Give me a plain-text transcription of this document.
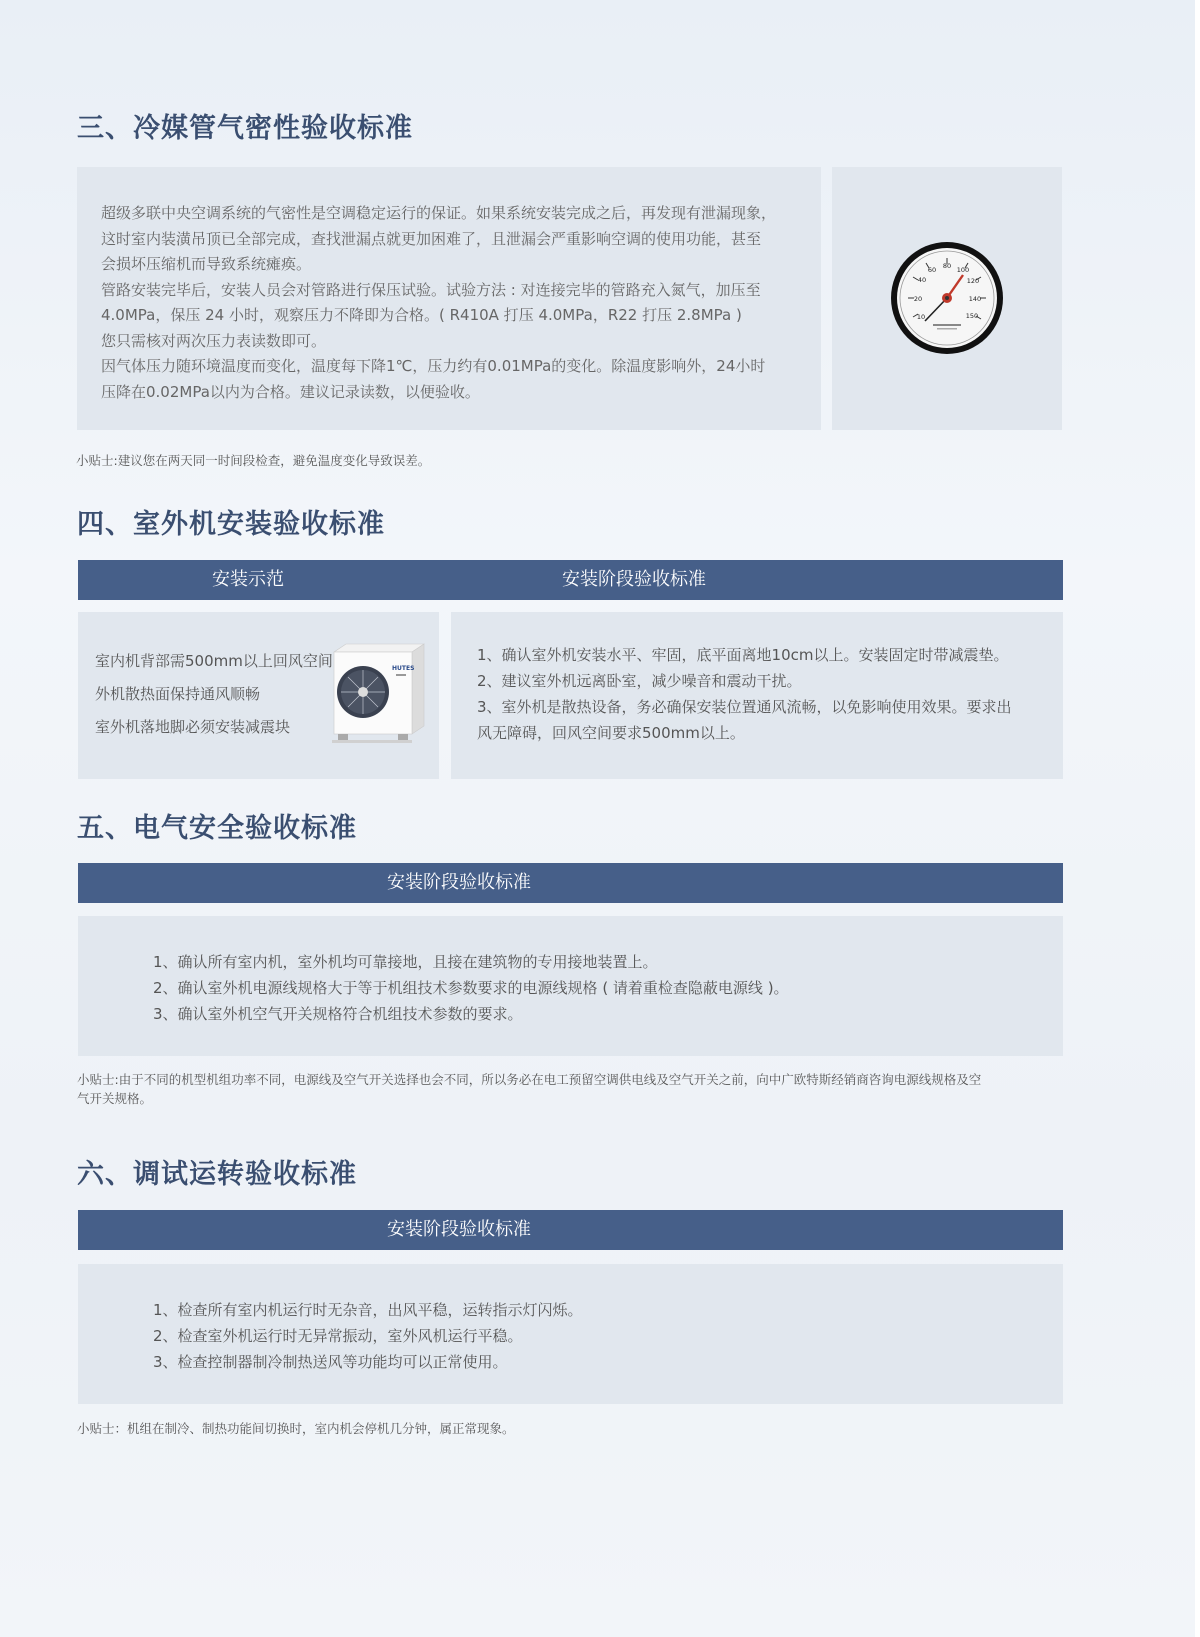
三、冷媒管气密性验收标准
超级多联中央空调系统的气密性是空调稳定运行的保证。如果系统安装完成之后，再发现有泄漏现象，
这时室内装潢吊顶已全部完成，查找泄漏点就更加困难了，且泄漏会严重影响空调的使用功能，甚至
会损坏压缩机而导致系统瘫痪。
管路安装完毕后，安装人员会对管路进行保压试验。试验方法 : 对连接完毕的管路充入氮气，加压至
4.0MPa，保压 24 小时，观察压力不降即为合格。( R410A 打压 4.0MPa，R22 打压 2.8MPa )
您只需核对两次压力表读数即可。
因气体压力随环境温度而变化，温度每下降1℃，压力约有0.01MPa的变化。除温度影响外，24小时
压降在0.02MPa以内为合格。建议记录读数，以便验收。
10
20
40
60 80 100
120
140
150
小贴士:建议您在两天同一时间段检查，避免温度变化导致误差。
四、室外机安装验收标准
安装示范	安装阶段验收标准
室内机背部需500mm以上回风空间
外机散热面保持通风顺畅
室外机落地脚必须安装减震块
HUTES
1、确认室外机安装水平、牢固，底平面离地10cm以上。安装固定时带减震垫。
2、建议室外机远离卧室，减少噪音和震动干扰。
3、室外机是散热设备，务必确保安装位置通风流畅，以免影响使用效果。要求出
风无障碍，回风空间要求500mm以上。
五、电气安全验收标准
安装阶段验收标准
1、确认所有室内机，室外机均可靠接地，且接在建筑物的专用接地装置上。
2、确认室外机电源线规格大于等于机组技术参数要求的电源线规格 ( 请着重检查隐蔽电源线 )。
3、确认室外机空气开关规格符合机组技术参数的要求。
小贴士:由于不同的机型机组功率不同，电源线及空气开关选择也会不同，所以务必在电工预留空调供电线及空气开关之前，向中广欧特斯经销商咨询电源线规格及空
气开关规格。
六、调试运转验收标准
安装阶段验收标准
1、检查所有室内机运行时无杂音，出风平稳，运转指示灯闪烁。
2、检查室外机运行时无异常振动，室外风机运行平稳。
3、检查控制器制冷制热送风等功能均可以正常使用。
小贴士：机组在制冷、制热功能间切换时，室内机会停机几分钟，属正常现象。
